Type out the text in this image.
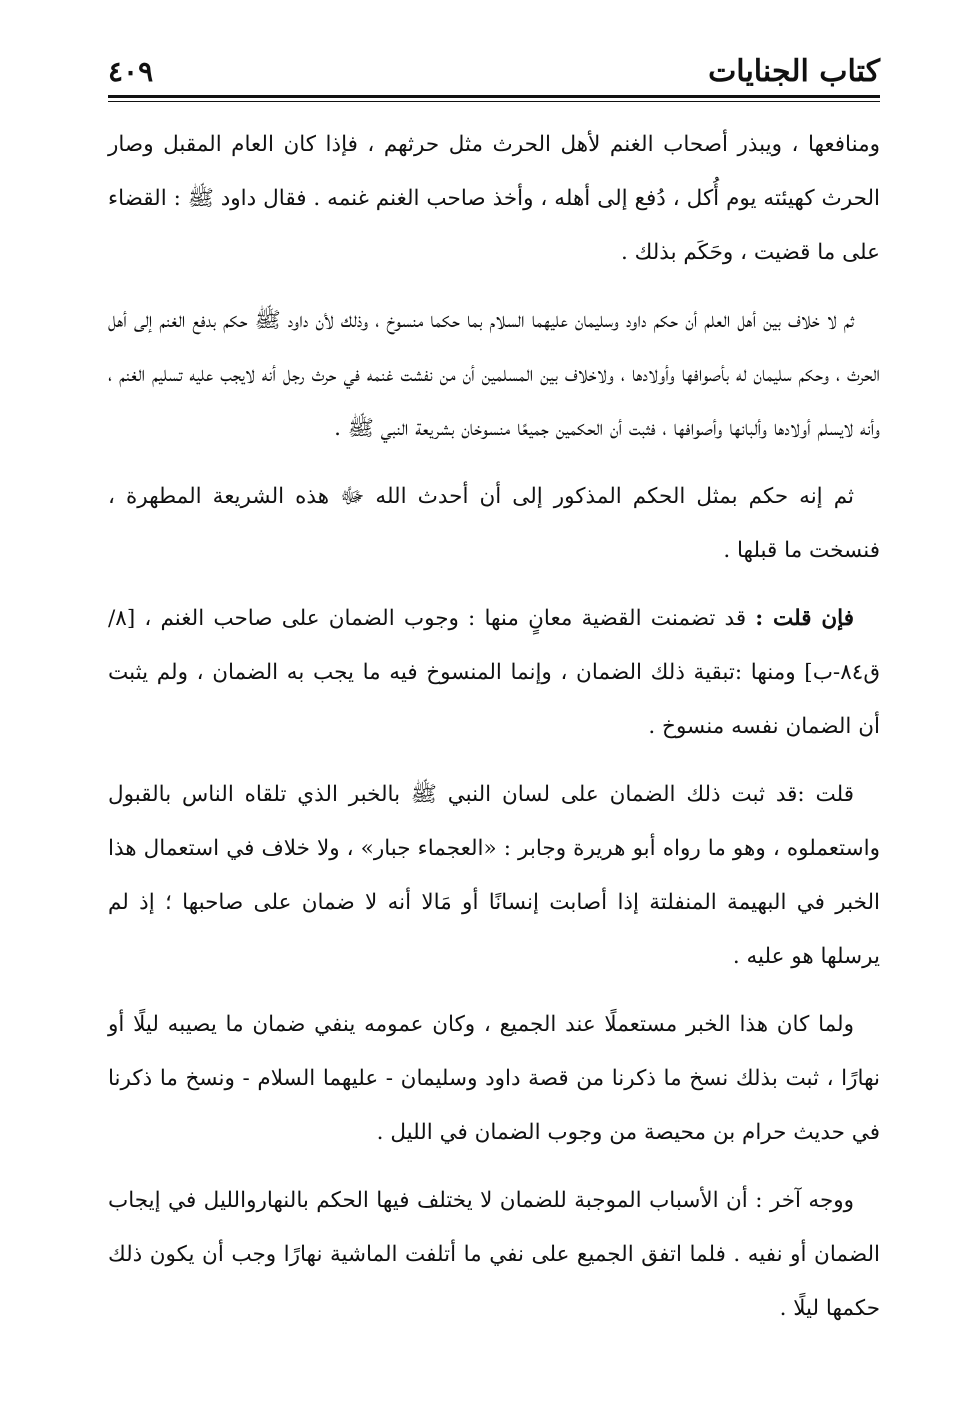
كتاب الجنايات
٤٠٩

ومنافعها ، ويبذر أصحاب الغنم لأهل الحرث مثل حرثهم ، فإذا كان العام المقبل وصار الحرث كهيئته يوم أُكل ، دُفع إلى أهله ، وأخذ صاحب الغنم غنمه . فقال داود ﷺ : القضاء على ما قضيت ، وحَكَم بذلك .

ثم لا خلاف بين أهل العلم أن حكم داود وسليمان عليهما السلام بما حكما منسوخ ، وذلك لأن داود ﷺ حكم بدفع الغنم إلى أهل الحرث ، وحكم سليمان له بأصوافها وأولادها ، ولاخلاف بين المسلمين أن من نفشت غنمه في حرث رجل أنه لايجب عليه تسليم الغنم ، وأنه لايسلم أولادها وألبانها وأصوافها ، فثبت أن الحكمين جميعًا منسوخان بشريعة النبي ﷺ .

ثم إنه حكم بمثل الحكم المذكور إلى أن أحدث الله ﷻ هذه الشريعة المطهرة ، فنسخت ما قبلها .

فإن قلت : قد تضمنت القضية معانٍ منها : وجوب الضمان على صاحب الغنم ، [٨/ ق٨٤-ب] ومنها :تبقية ذلك الضمان ، وإنما المنسوخ فيه ما يجب به الضمان ، ولم يثبت أن الضمان نفسه منسوخ .

قلت :قد ثبت ذلك الضمان على لسان النبي ﷺ بالخبر الذي تلقاه الناس بالقبول واستعملوه ، وهو ما رواه أبو هريرة وجابر : «العجماء جبار» ، ولا خلاف في استعمال هذا الخبر في البهيمة المنفلتة إذا أصابت إنسانًا أو مَالا أنه لا ضمان على صاحبها ؛ إذ لم يرسلها هو عليه .

ولما كان هذا الخبر مستعملًا عند الجميع ، وكان عمومه ينفي ضمان ما يصيبه ليلًا أو نهارًا ، ثبت بذلك نسخ ما ذكرنا من قصة داود وسليمان - عليهما السلام - ونسخ ما ذكرنا في حديث حرام بن محيصة من وجوب الضمان في الليل .

ووجه آخر : أن الأسباب الموجبة للضمان لا يختلف فيها الحكم بالنهاروالليل في إيجاب الضمان أو نفيه . فلما اتفق الجميع على نفي ما أتلفت الماشية نهارًا وجب أن يكون ذلك حكمها ليلًا .
